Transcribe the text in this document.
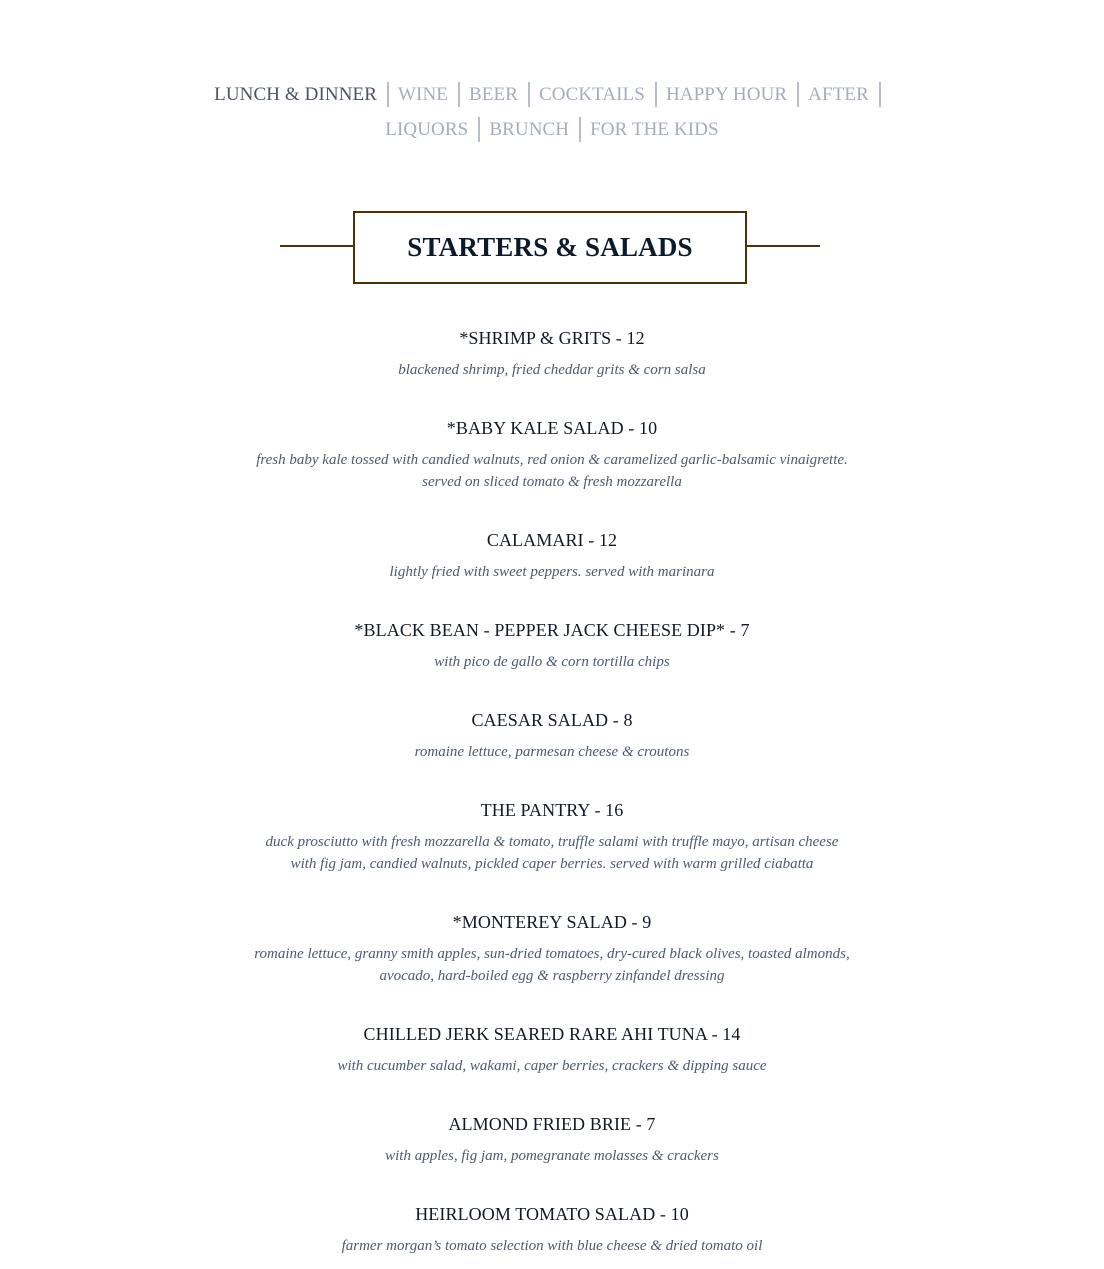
LUNCH & DINNER WINE BEER COCKTAILS HAPPY HOUR AFTER
LIQUORS BRUNCH FOR THE KIDS
STARTERS & SALADS
*SHRIMP & GRITS - 12
blackened shrimp, fried cheddar grits & corn salsa
*BABY KALE SALAD - 10
fresh baby kale tossed with candied walnuts, red onion & caramelized garlic-balsamic vinaigrette.
served on sliced tomato & fresh mozzarella
CALAMARI - 12
lightly fried with sweet peppers. served with marinara
*BLACK BEAN - PEPPER JACK CHEESE DIP* - 7
with pico de gallo & corn tortilla chips
CAESAR SALAD - 8
romaine lettuce, parmesan cheese & croutons
THE PANTRY - 16
duck prosciutto with fresh mozzarella & tomato, truffle salami with truffle mayo, artisan cheese
with fig jam, candied walnuts, pickled caper berries. served with warm grilled ciabatta
*MONTEREY SALAD - 9
romaine lettuce, granny smith apples, sun-dried tomatoes, dry-cured black olives, toasted almonds,
avocado, hard-boiled egg & raspberry zinfandel dressing
CHILLED JERK SEARED RARE AHI TUNA - 14
with cucumber salad, wakami, caper berries, crackers & dipping sauce
ALMOND FRIED BRIE - 7
with apples, fig jam, pomegranate molasses & crackers
HEIRLOOM TOMATO SALAD - 10
farmer morgan’s tomato selection with blue cheese & dried tomato oil
